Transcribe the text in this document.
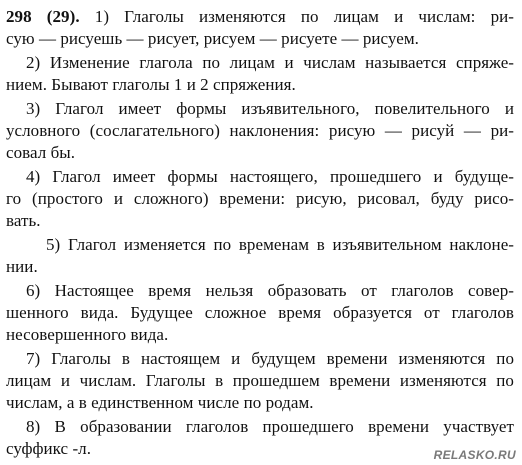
298 (29). 1) Глаголы изменяются по лицам и числам: ри-
сую — рисуешь — рисует, рисуем — рисуете — рисуем.
2) Изменение глагола по лицам и числам называется спряже-
нием. Бывают глаголы 1 и 2 спряжения.
3) Глагол имеет формы изъявительного, повелительного и
условного (сослагательного) наклонения: рисую — рисуй — ри-
совал бы.
4) Глагол имеет формы настоящего, прошедшего и будуще-
го (простого и сложного) времени: рисую, рисовал, буду рисо-
вать.
5) Глагол изменяется по временам в изъявительном наклоне-
нии.
6) Настоящее время нельзя образовать от глаголов совер-
шенного вида. Будущее сложное время образуется от глаголов
несовершенного вида.
7) Глаголы в настоящем и будущем времени изменяются по
лицам и числам. Глаголы в прошедшем времени изменяются по
числам, а в единственном числе по родам.
8) В образовании глаголов прошедшего времени участвует
суффикс -л.	RELASKO.RU
